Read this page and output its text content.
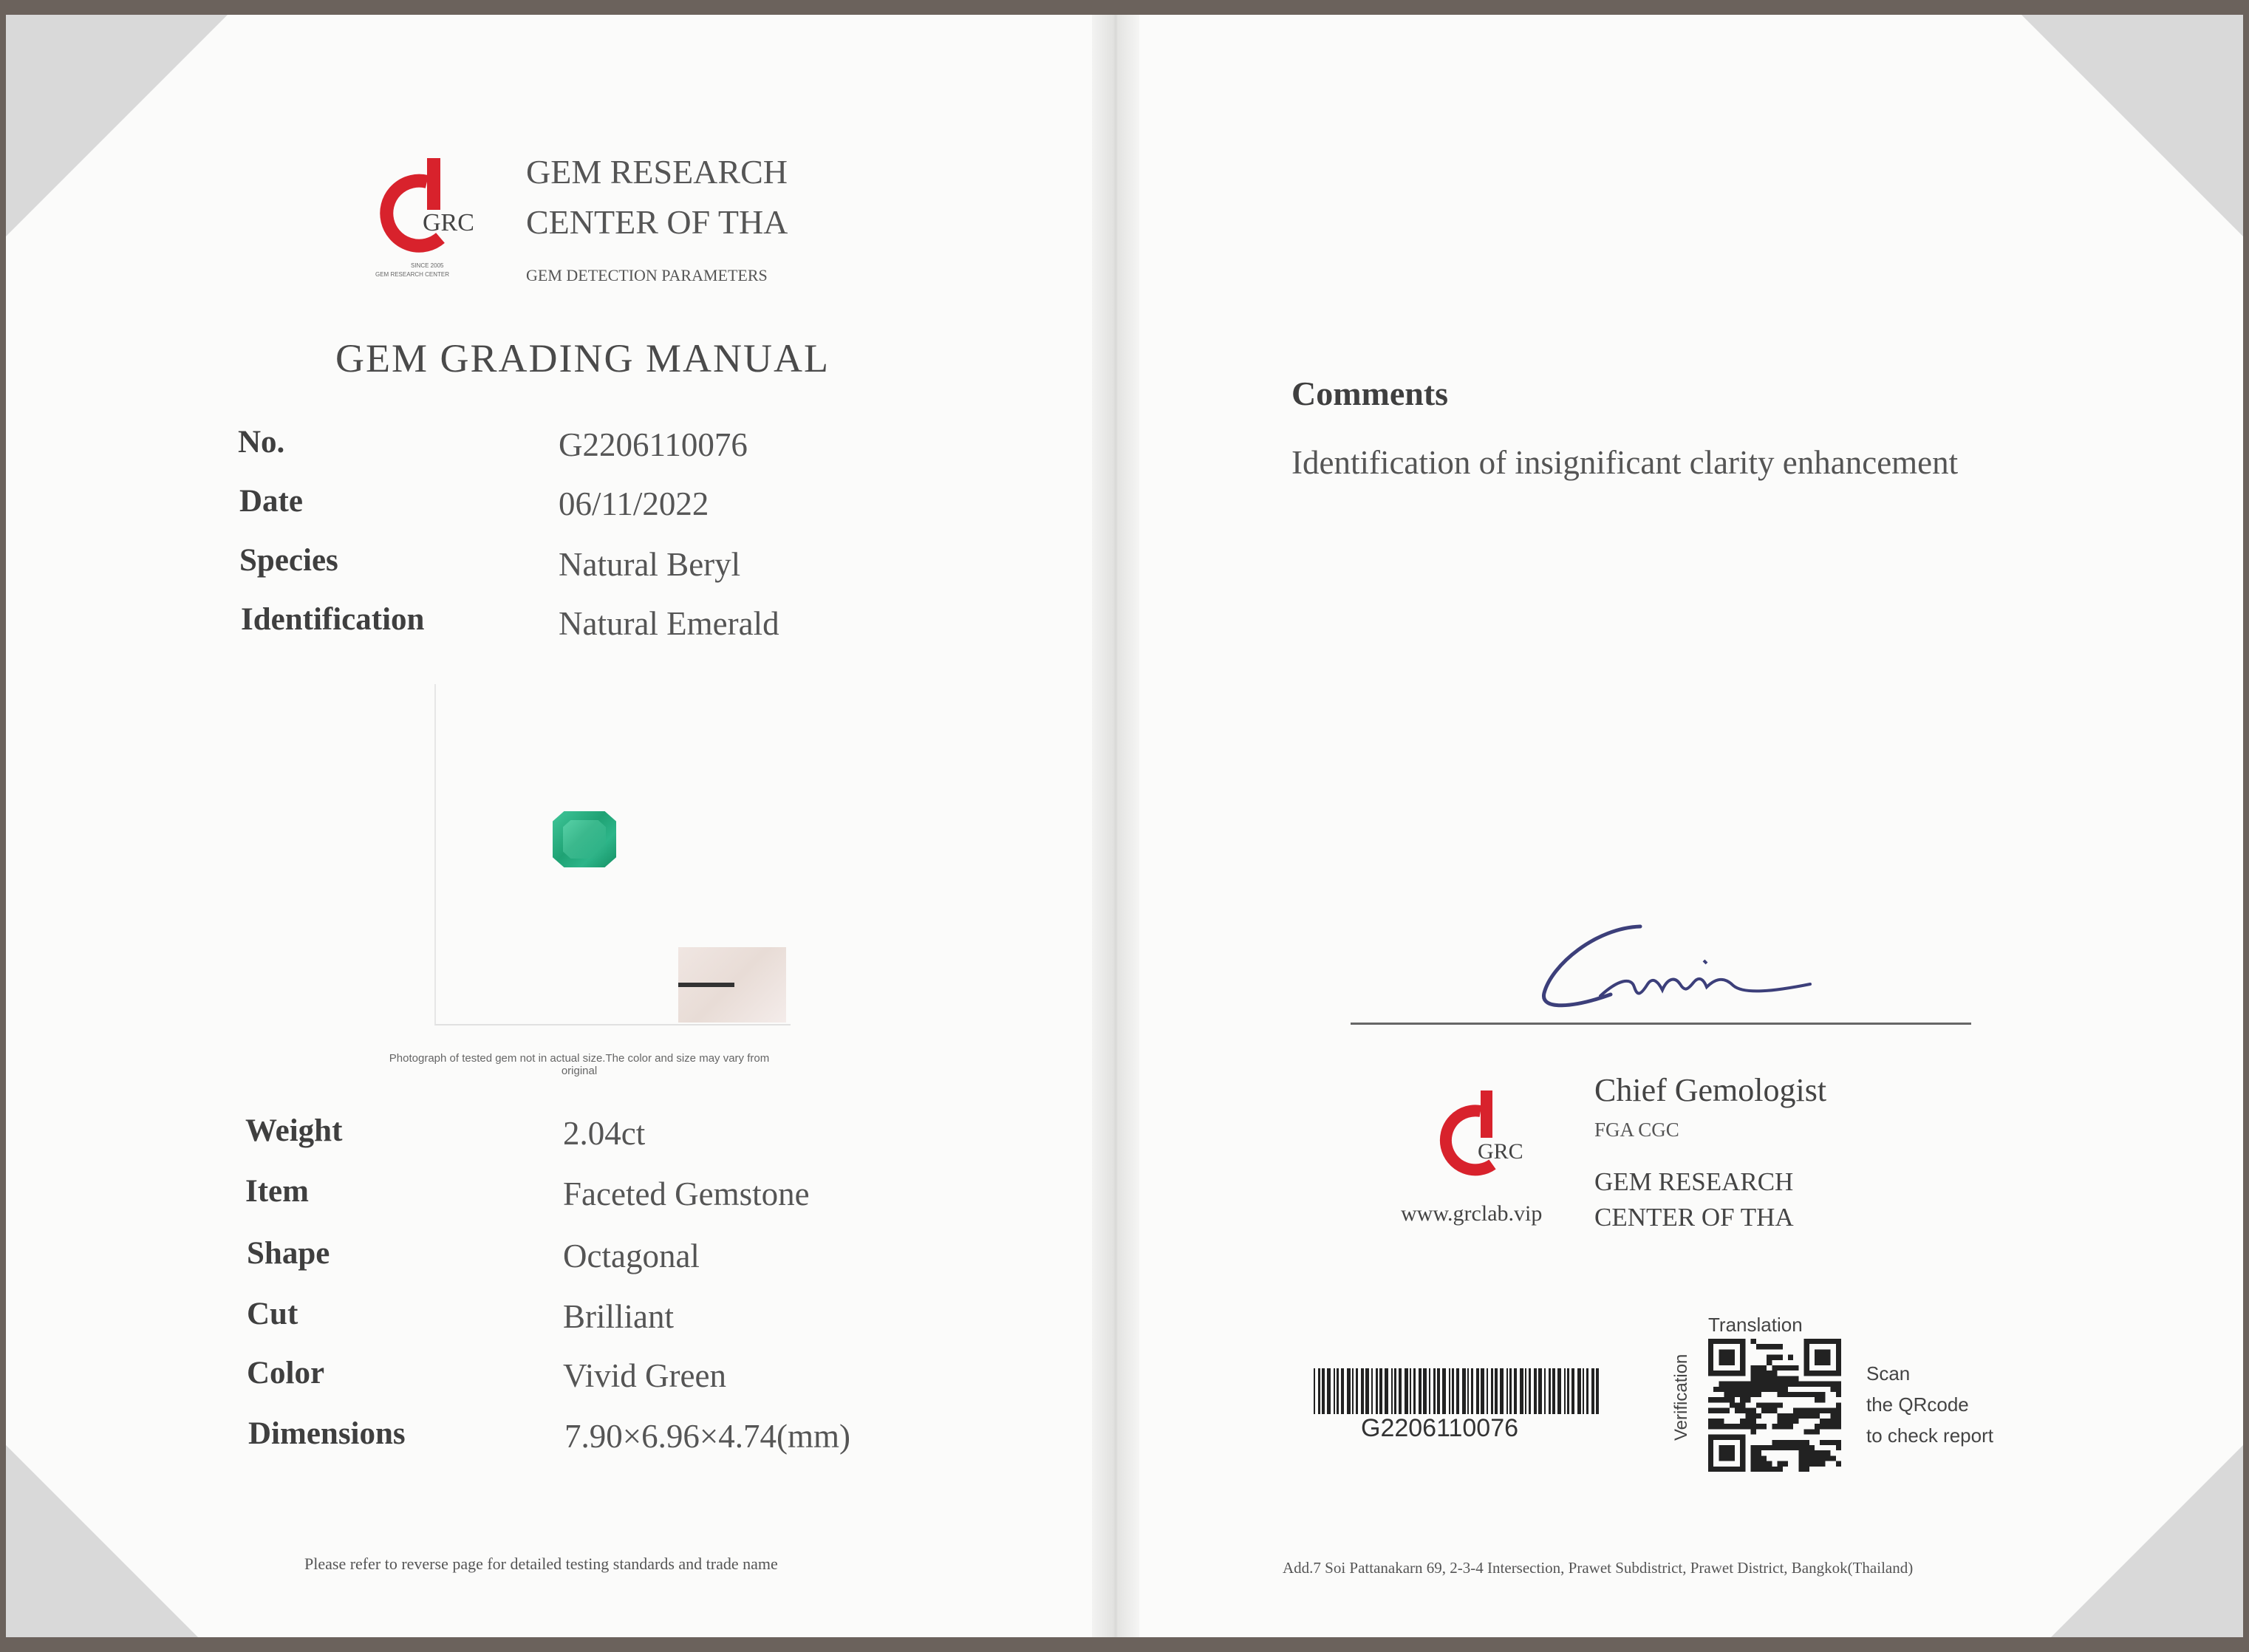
GRC
SINCE 2005
GEM RESEARCH CENTER
GEM RESEARCH
CENTER OF THA
GEM DETECTION PARAMETERS
GEM GRADING MANUAL
No.	G2206110076
Date	06/11/2022
Species	Natural Beryl
Identification	Natural Emerald
Photograph of tested gem not in actual size.The color and size may vary from original
Weight	2.04ct
Item	Faceted Gemstone
Shape	Octagonal
Cut	Brilliant
Color	Vivid Green
Dimensions	7.90×6.96×4.74(mm)
Please refer to reverse page for detailed testing standards and trade name
Comments
Identification of insignificant clarity enhancement
GRC
www.grclab.vip
Chief Gemologist
FGA CGC
GEM RESEARCH
CENTER OF THA
G2206110076
Translation
Verification	Scan
the QRcode
to check report
Add.7 Soi Pattanakarn 69, 2-3-4 Intersection, Prawet Subdistrict, Prawet District, Bangkok(Thailand)
